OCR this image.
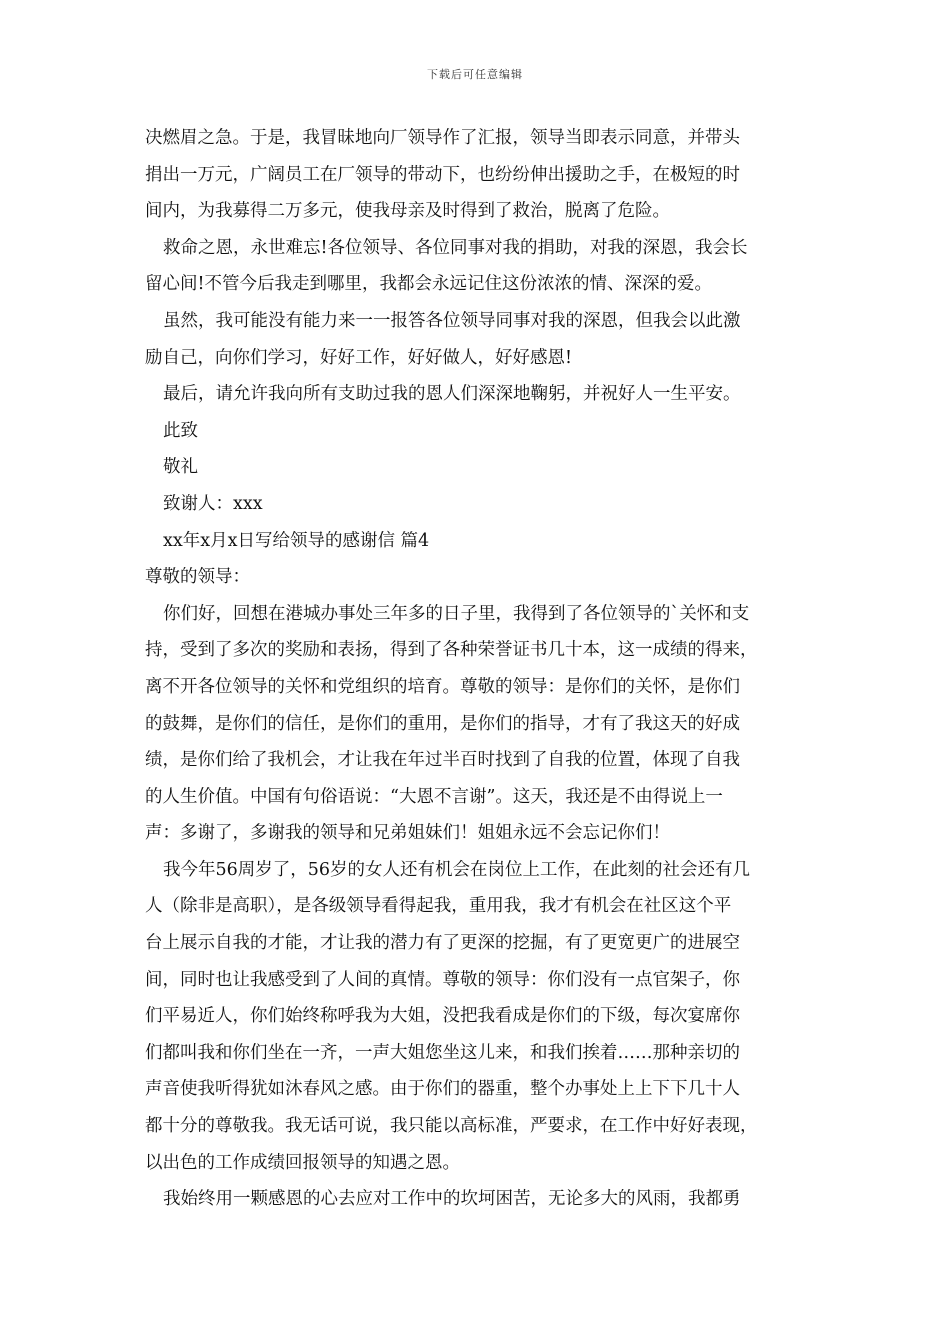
下载后可任意编辑
决燃眉之急。于是，我冒昧地向厂领导作了汇报，领导当即表示同意，并带头
捐出一万元，广阔员工在厂领导的带动下，也纷纷伸出援助之手，在极短的时
间内，为我募得二万多元，使我母亲及时得到了救治，脱离了危险。
救命之恩，永世难忘!各位领导、各位同事对我的捐助，对我的深恩，我会长
留心间!不管今后我走到哪里，我都会永远记住这份浓浓的情、深深的爱。
虽然，我可能没有能力来一一报答各位领导同事对我的深恩，但我会以此激
励自己，向你们学习，好好工作，好好做人，好好感恩!
最后，请允许我向所有支助过我的恩人们深深地鞠躬，并祝好人一生平安。
此致
敬礼
致谢人：xxx
xx年x月x日写给领导的感谢信 篇4
尊敬的领导：
你们好，回想在港城办事处三年多的日子里，我得到了各位领导的`关怀和支
持，受到了多次的奖励和表扬，得到了各种荣誉证书几十本，这一成绩的得来，
离不开各位领导的关怀和党组织的培育。尊敬的领导：是你们的关怀，是你们
的鼓舞，是你们的信任，是你们的重用，是你们的指导，才有了我这天的好成
绩，是你们给了我机会，才让我在年过半百时找到了自我的位置，体现了自我
的人生价值。中国有句俗语说：“大恩不言谢”。这天，我还是不由得说上一
声：多谢了，多谢我的领导和兄弟姐妹们！姐姐永远不会忘记你们！
我今年56周岁了，56岁的女人还有机会在岗位上工作，在此刻的社会还有几
人（除非是高职），是各级领导看得起我，重用我，我才有机会在社区这个平
台上展示自我的才能，才让我的潜力有了更深的挖掘，有了更宽更广的进展空
间，同时也让我感受到了人间的真情。尊敬的领导：你们没有一点官架子，你
们平易近人，你们始终称呼我为大姐，没把我看成是你们的下级，每次宴席你
们都叫我和你们坐在一齐，一声大姐您坐这儿来，和我们挨着……那种亲切的
声音使我听得犹如沐春风之感。由于你们的器重，整个办事处上上下下几十人
都十分的尊敬我。我无话可说，我只能以高标准，严要求，在工作中好好表现，
以出色的工作成绩回报领导的知遇之恩。
我始终用一颗感恩的心去应对工作中的坎坷困苦，无论多大的风雨，我都勇
